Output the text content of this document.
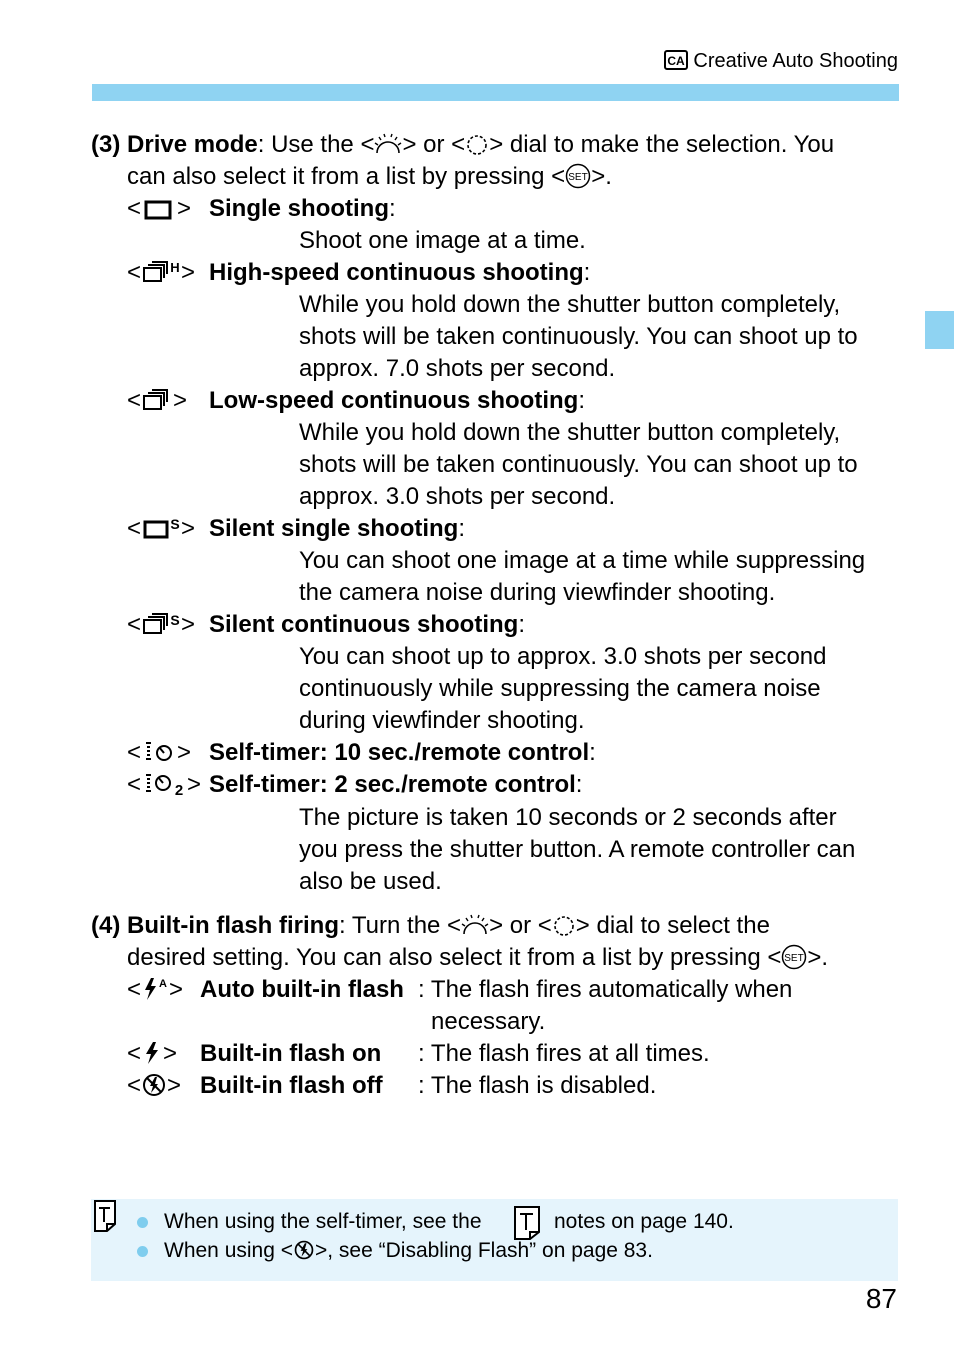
CA Creative Auto Shooting
(3) Drive mode: Use the < > or < > dial to make the selection. You
can also select it from a list by pressing < SET >.
< > Single shooting:
Shoot one image at a time.
< H > High-speed continuous shooting:
While you hold down the shutter button completely,
shots will be taken continuously. You can shoot up to
approx. 7.0 shots per second.
< > Low-speed continuous shooting:
While you hold down the shutter button completely,
shots will be taken continuously. You can shoot up to
approx. 3.0 shots per second.
< S > Silent single shooting:
You can shoot one image at a time while suppressing
the camera noise during viewfinder shooting.
< S > Silent continuous shooting:
You can shoot up to approx. 3.0 shots per second
continuously while suppressing the camera noise
during viewfinder shooting.
< > Self-timer: 10 sec./remote control:
< 2 > Self-timer: 2 sec./remote control:
The picture is taken 10 seconds or 2 seconds after
you press the shutter button. A remote controller can
also be used.
(4) Built-in flash firing: Turn the < > or < > dial to select the
desired setting. You can also select it from a list by pressing < SET >.
< A > Auto built-in flash : The flash fires automatically when
necessary.
< > Built-in flash on : The flash fires at all times.
< > Built-in flash off : The flash is disabled.
When using the self-timer, see the	notes on page 140.
When using < >, see “Disabling Flash” on page 83.
87
